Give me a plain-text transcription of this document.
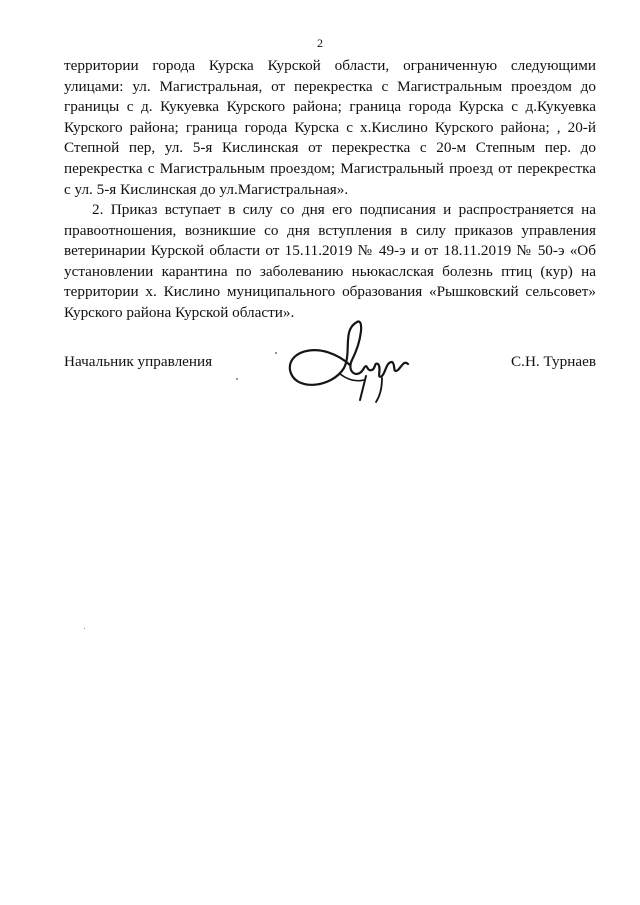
2

территории города Курска Курской области, ограниченную следующими улицами: ул. Магистральная, от перекрестка с Магистральным проездом до границы с д. Кукуевка Курского района; граница города Курска с д.Кукуевка Курского района; граница города Курска с х.Кислино Курского района; , 20-й Степной пер, ул. 5-я Кислинская от перекрестка с 20-м Степным пер. до перекрестка с Магистральным проездом; Магистральный проезд от перекрестка с ул. 5-я Кислинская до ул.Магистральная».

2. Приказ вступает в силу со дня его подписания и распространяется на правоотношения, возникшие со дня вступления в силу приказов управления ветеринарии Курской области от 15.11.2019 № 49-э и от 18.11.2019 № 50-э «Об установлении карантина по заболеванию ньюкаслская болезнь птиц (кур) на территории х. Кислино муниципального образования «Рышковский сельсовет» Курского района Курской области».

Начальник управления	С.Н. Турнаев
